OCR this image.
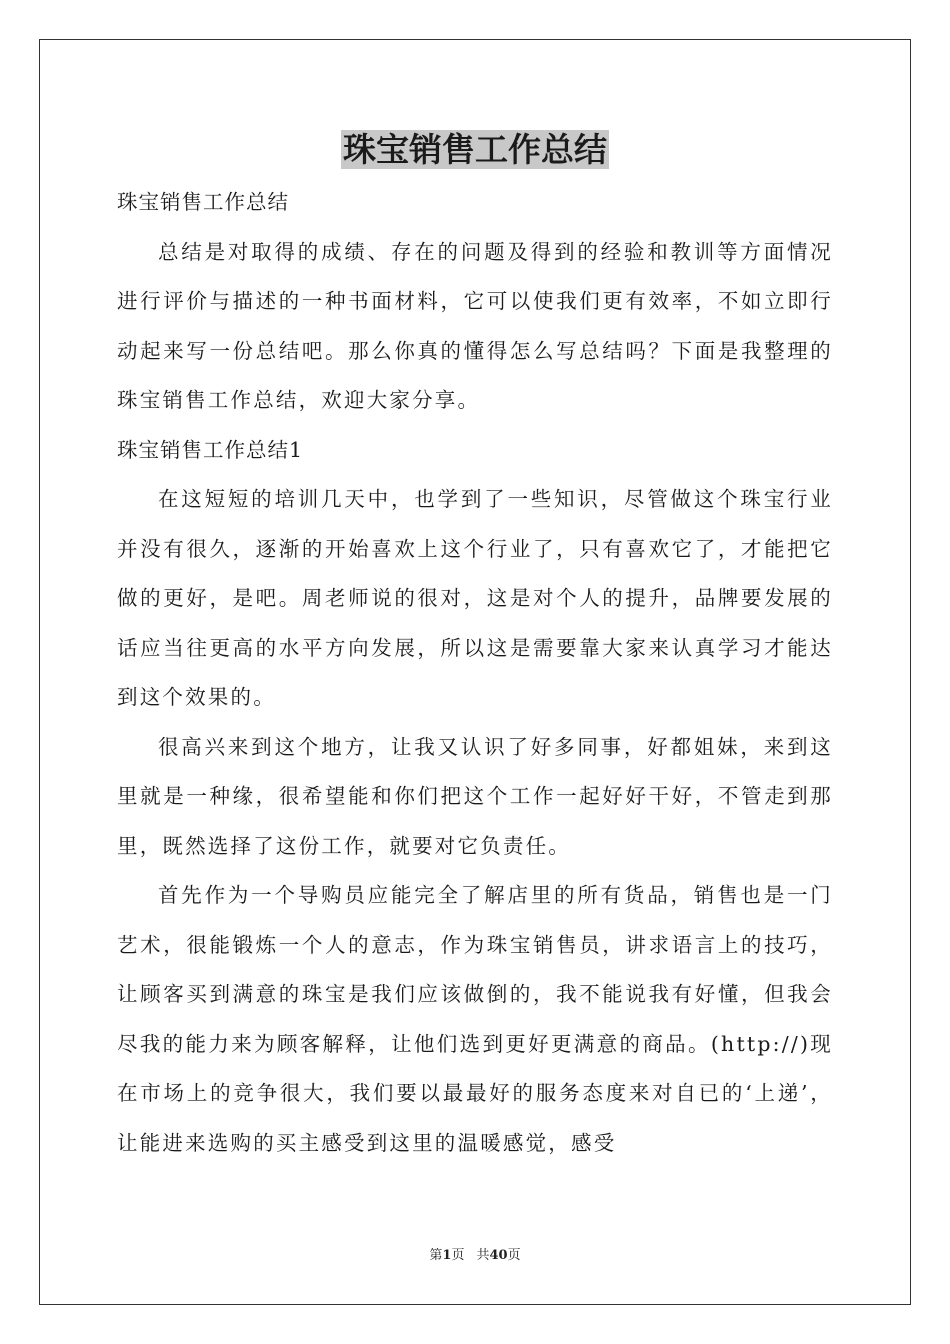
珠宝销售工作总结

珠宝销售工作总结

总结是对取得的成绩、存在的问题及得到的经验和教训等方面情况进行评价与描述的一种书面材料，它可以使我们更有效率，不如立即行动起来写一份总结吧。那么你真的懂得怎么写总结吗？下面是我整理的珠宝销售工作总结，欢迎大家分享。

珠宝销售工作总结1

在这短短的培训几天中，也学到了一些知识，尽管做这个珠宝行业并没有很久，逐渐的开始喜欢上这个行业了，只有喜欢它了，才能把它做的更好，是吧。周老师说的很对，这是对个人的提升，品牌要发展的话应当往更高的水平方向发展，所以这是需要靠大家来认真学习才能达到这个效果的。

很高兴来到这个地方，让我又认识了好多同事，好都姐妹，来到这里就是一种缘，很希望能和你们把这个工作一起好好干好，不管走到那里，既然选择了这份工作，就要对它负责任。

首先作为一个导购员应能完全了解店里的所有货品，销售也是一门艺术，很能锻炼一个人的意志，作为珠宝销售员，讲求语言上的技巧，让顾客买到满意的珠宝是我们应该做倒的，我不能说我有好懂，但我会尽我的能力来为顾客解释，让他们选到更好更满意的商品。(http://)现在市场上的竞争很大，我们要以最最好的服务态度来对自已的‘上递’，让能进来选购的买主感受到这里的温暖感觉，感受

第1页 共40页
